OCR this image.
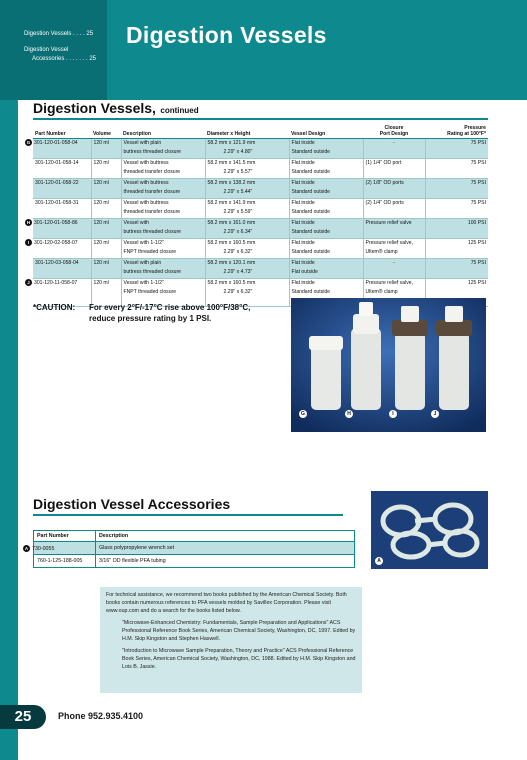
Digestion Vessels . . . . 25
Digestion Vessel
Accessories . . . . . . . 25
Digestion Vessels
Digestion Vessels, continued
Part Number	Volume	Description	Diameter x Height	Vessel Design	Closure
Port Design	Pressure
Rating at 100°F*
G 301-120-01-058-04	120 ml	Vessel with plain
buttress threaded closure	58.2 mm x 121.9 mm
2.29" x 4.80"	Flat inside
Standard outside	-	75 PSI
301-120-01-058-14	120 ml	Vessel with buttress
threaded transfer closure	58.2 mm x 141.5 mm
2.29" x 5.57"	Flat inside
Standard outside	(1) 1/4" OD port	75 PSI
301-120-01-058-22	120 ml	Vessel with buttress
threaded transfer closure	58.2 mm x 138.2 mm
2.29" x 5.44"	Flat inside
Standard outside	(2) 1/8" OD ports	75 PSI
301-120-01-058-31	120 ml	Vessel with buttress
threaded transfer closure	58.2 mm x 141.9 mm
2.29" x 5.59"	Flat inside
Standard outside	(2) 1/4" OD ports	75 PSI
H 301-120-01-058-86	120 ml	Vessel with
buttress threaded closure	58.2 mm x 161.0 mm
2.29" x 6.34"	Flat inside
Standard outside	Pressure relief valve	100 PSI
I 301-120-02-058-07	120 ml	Vessel with 1-1/2"
FNPT threaded closure	58.2 mm x 160.5 mm
2.29" x 6.32"	Flat inside
Standard outside	Pressure relief valve,
Ultem® clamp	125 PSI
301-120-03-058-04	120 ml	Vessel with plain
buttress threaded closure	58.2 mm x 120.1 mm
2.29" x 4.73"	Flat inside
Flat outside	-	75 PSI
J 301-120-11-058-07	120 ml	Vessel with 1-1/2"
FNPT threaded closure	58.2 mm x 160.5 mm
2.29" x 6.32"	Flat inside
Standard outside	Pressure relief valve,
Ultem® clamp	125 PSI
*CAUTION: For every 2°F/-17°C rise above 100°F/38°C,
reduce pressure rating by 1 PSI.
G	H	I	J
Digestion Vessel Accessories
Part Number	Description
A 730-0055	Glass polypropylene wrench set
760-1-125-188-005	3/16" OD flexible PFA tubing	A

For technical assistance, we recommend two books published by the American Chemical Society. Both books contain numerous references to PFA vessels molded by Savillex Corporation. Please visit www.oup.com and do a search for the books listed below.

"Microwave-Enhanced Chemistry: Fundamentals, Sample Preparation and Applications" ACS Professional Reference Book Series, American Chemical Society, Washington, DC, 1997. Edited by H.M. Skip Kingston and Stephen Haswell.

"Introduction to Microwave Sample Preparation, Theory and Practice" ACS Professional Reference Book Series, American Chemical Society, Washington, DC, 1988. Edited by H.M. Skip Kingston and Lois B. Jassie.

25	Phone 952.935.4100
